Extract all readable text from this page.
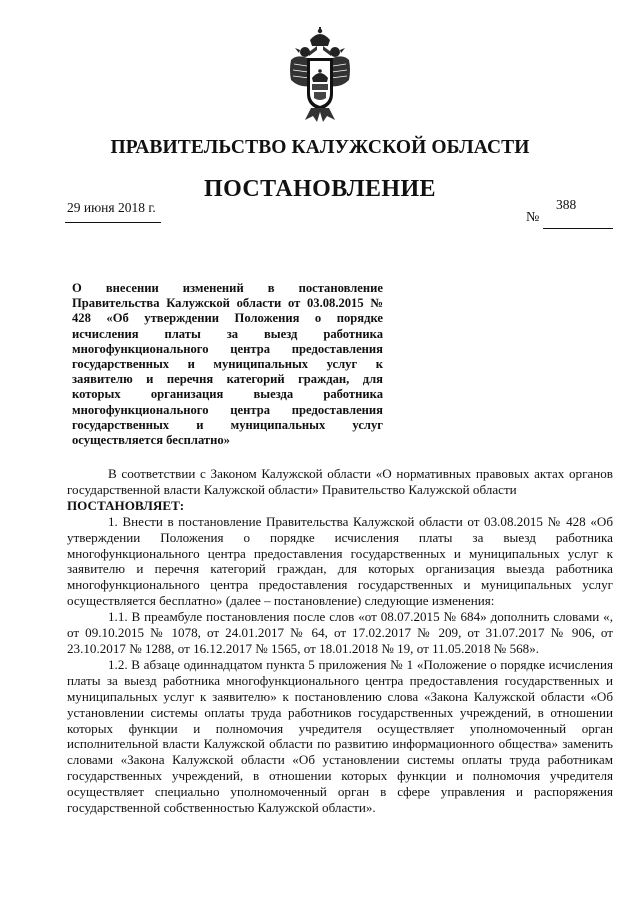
ПРАВИТЕЛЬСТВО КАЛУЖСКОЙ ОБЛАСТИ
ПОСТАНОВЛЕНИЕ
29 июня 2018 г.
№
388
О внесении изменений в постановление Правительства Калужской области от 03.08.2015 № 428 «Об утверждении Положения о порядке исчисления платы за выезд работника многофункционального центра предоставления государственных и муниципальных услуг к заявителю и перечня категорий граждан, для которых организация выезда работника многофункционального центра предоставления государственных и муниципальных услуг осуществляется бесплатно»

В соответствии с Законом Калужской области «О нормативных правовых актах органов государственной власти Калужской области» Правительство Калужской области

ПОСТАНОВЛЯЕТ:

1. Внести в постановление Правительства Калужской области от 03.08.2015 № 428 «Об утверждении Положения о порядке исчисления платы за выезд работника многофункционального центра предоставления государственных и муниципальных услуг к заявителю и перечня категорий граждан, для которых организация выезда работника многофункционального центра предоставления государственных и муниципальных услуг осуществляется бесплатно» (далее – постановление) следующие изменения:

1.1. В преамбуле постановления после слов «от 08.07.2015 № 684» дополнить словами «, от 09.10.2015 № 1078, от 24.01.2017 № 64, от 17.02.2017 № 209, от 31.07.2017 № 906, от 23.10.2017 № 1288, от 16.12.2017 № 1565, от 18.01.2018 № 19, от 11.05.2018 № 568».

1.2. В абзаце одиннадцатом пункта 5 приложения № 1 «Положение о порядке исчисления платы за выезд работника многофункционального центра предоставления государственных и муниципальных услуг к заявителю» к постановлению слова «Закона Калужской области «Об установлении системы оплаты труда работников государственных учреждений, в отношении которых функции и полномочия учредителя осуществляет уполномоченный орган исполнительной власти Калужской области по развитию информационного общества» заменить словами «Закона Калужской области «Об установлении системы оплаты труда работникам государственных учреждений, в отношении которых функции и полномочия учредителя осуществляет специально уполномоченный орган в сфере управления и распоряжения государственной собственностью Калужской области».
